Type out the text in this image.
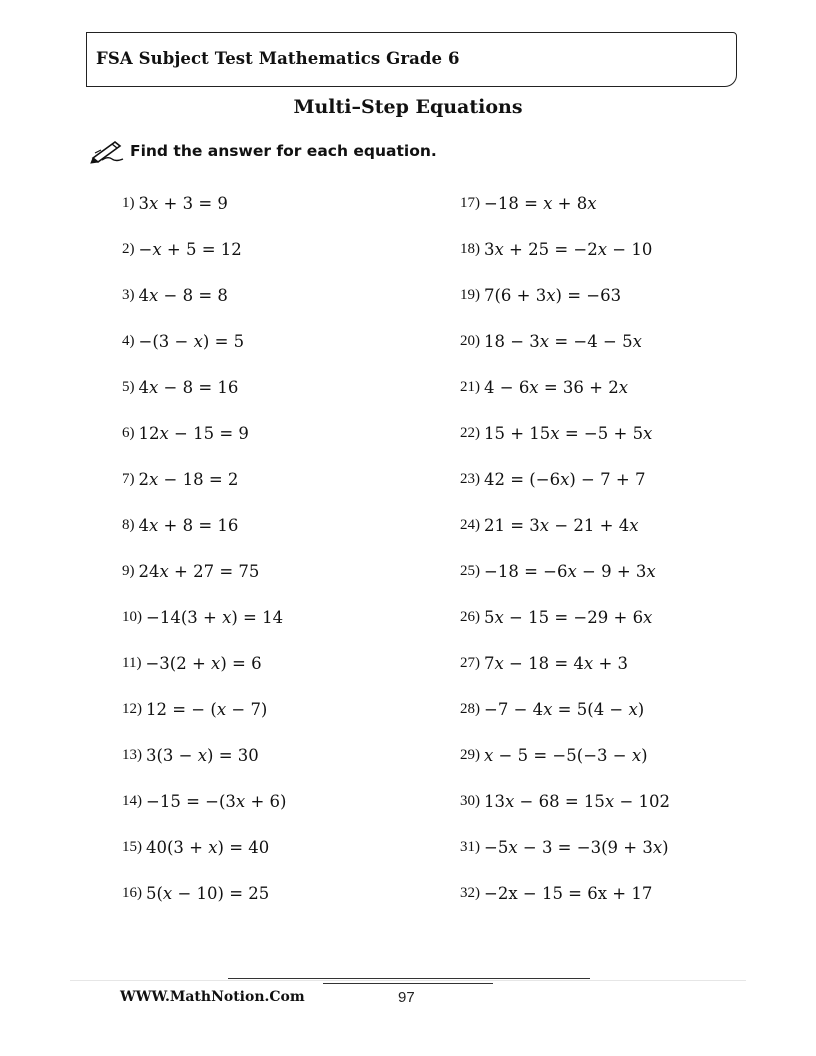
FSA Subject Test Mathematics Grade 6
Multi–Step Equations
Find the answer for each equation.
1) 3𝑥 + 3 = 9
2) −𝑥 + 5 = 12
3) 4𝑥 − 8 = 8
4) −(3 − 𝑥) = 5
5) 4𝑥 − 8 = 16
6) 12𝑥 − 15 = 9
7) 2𝑥 − 18 = 2
8) 4𝑥 + 8 = 16
9) 24𝑥 + 27 = 75
10) −14(3 + 𝑥) = 14
11) −3(2 + 𝑥) = 6
12) 12 = − (𝑥 − 7)
13) 3(3 − 𝑥) = 30
14) −15 = −(3𝑥 + 6)
15) 40(3 + 𝑥) = 40
16) 5(𝑥 − 10) = 25
17) −18 = 𝑥 + 8𝑥
18) 3𝑥 + 25 = −2𝑥 − 10
19) 7(6 + 3𝑥) = −63
20) 18 − 3𝑥 = −4 − 5𝑥
21) 4 − 6𝑥 = 36 + 2𝑥
22) 15 + 15𝑥 = −5 + 5𝑥
23) 42 = (−6𝑥) − 7 + 7
24) 21 = 3𝑥 − 21 + 4𝑥
25) −18 = −6𝑥 − 9 + 3𝑥
26) 5𝑥 − 15 = −29 + 6𝑥
27) 7𝑥 − 18 = 4𝑥 + 3
28) −7 − 4𝑥 = 5(4 − 𝑥)
29) 𝑥 − 5 = −5(−3 − 𝑥)
30) 13𝑥 − 68 = 15𝑥 − 102
31) −5𝑥 − 3 = −3(9 + 3𝑥)
32) −2x − 15 = 6x + 17
WWW.MathNotion.Com	97
